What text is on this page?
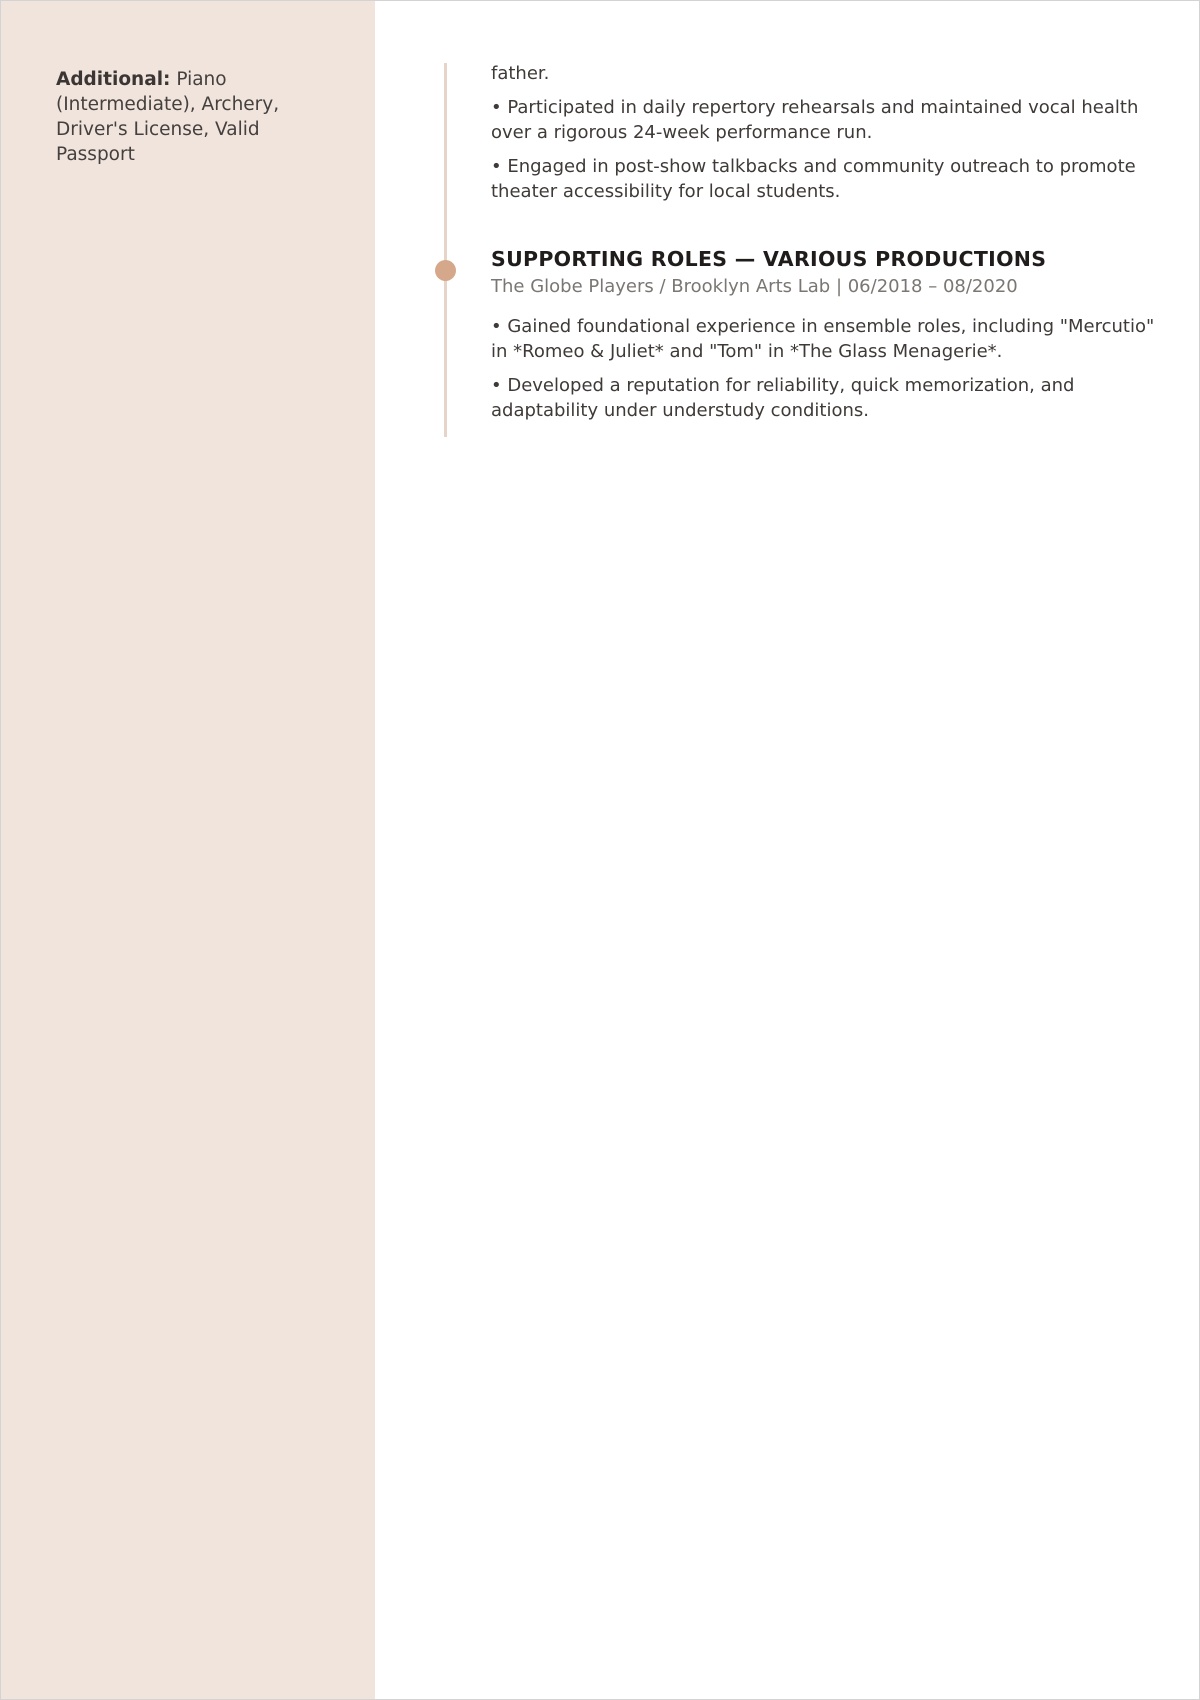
Additional: Piano (Intermediate), Archery, Driver's License, Valid Passport

father.

• Participated in daily repertory rehearsals and maintained vocal health over a rigorous 24-week performance run.

• Engaged in post-show talkbacks and community outreach to promote theater accessibility for local students.

SUPPORTING ROLES — VARIOUS PRODUCTIONS
The Globe Players / Brooklyn Arts Lab | 06/2018 – 08/2020

• Gained foundational experience in ensemble roles, including "Mercutio" in *Romeo & Juliet* and "Tom" in *The Glass Menagerie*.

• Developed a reputation for reliability, quick memorization, and adaptability under understudy conditions.
